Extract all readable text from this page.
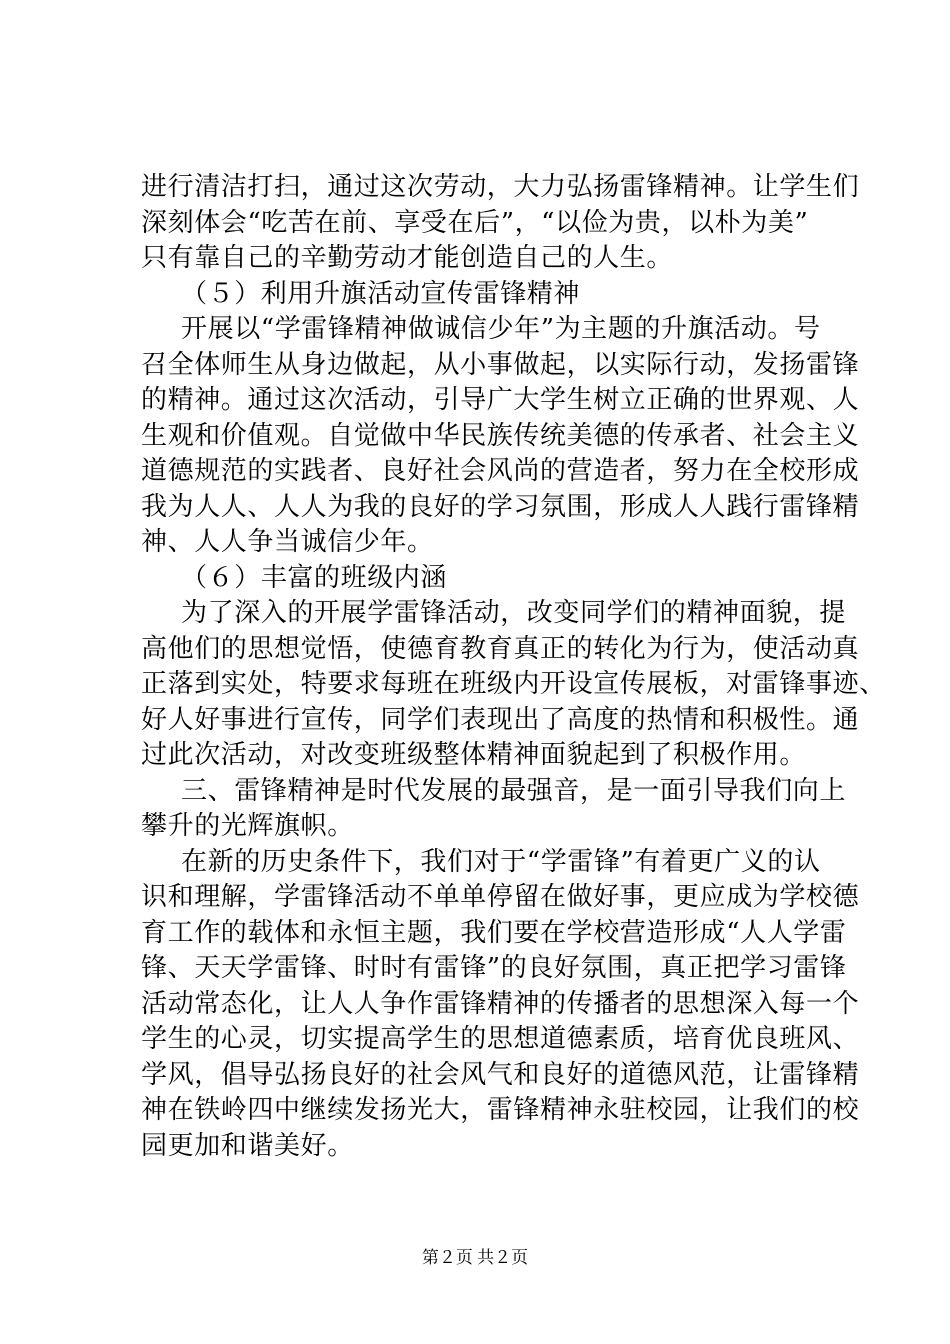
进行清洁打扫，通过这次劳动，大力弘扬雷锋精神。让学生们
深刻体会“吃苦在前、享受在后”，“以俭为贵，以朴为美”
只有靠自己的辛勤劳动才能创造自己的人生。
（５）利用升旗活动宣传雷锋精神
开展以“学雷锋精神做诚信少年”为主题的升旗活动。号
召全体师生从身边做起，从小事做起，以实际行动，发扬雷锋
的精神。通过这次活动，引导广大学生树立正确的世界观、人
生观和价值观。自觉做中华民族传统美德的传承者、社会主义
道德规范的实践者、良好社会风尚的营造者，努力在全校形成
我为人人、人人为我的良好的学习氛围，形成人人践行雷锋精
神、人人争当诚信少年。
（６）丰富的班级内涵
为了深入的开展学雷锋活动，改变同学们的精神面貌，提
高他们的思想觉悟，使德育教育真正的转化为行为，使活动真
正落到实处，特要求每班在班级内开设宣传展板，对雷锋事迹、
好人好事进行宣传，同学们表现出了高度的热情和积极性。通
过此次活动，对改变班级整体精神面貌起到了积极作用。
三、雷锋精神是时代发展的最强音，是一面引导我们向上
攀升的光辉旗帜。
在新的历史条件下，我们对于“学雷锋”有着更广义的认
识和理解，学雷锋活动不单单停留在做好事，更应成为学校德
育工作的载体和永恒主题，我们要在学校营造形成“人人学雷
锋、天天学雷锋、时时有雷锋”的良好氛围，真正把学习雷锋
活动常态化，让人人争作雷锋精神的传播者的思想深入每一个
学生的心灵，切实提高学生的思想道德素质，培育优良班风、
学风，倡导弘扬良好的社会风气和良好的道德风范，让雷锋精
神在铁岭四中继续发扬光大，雷锋精神永驻校园，让我们的校
园更加和谐美好。
第２页 共２页
